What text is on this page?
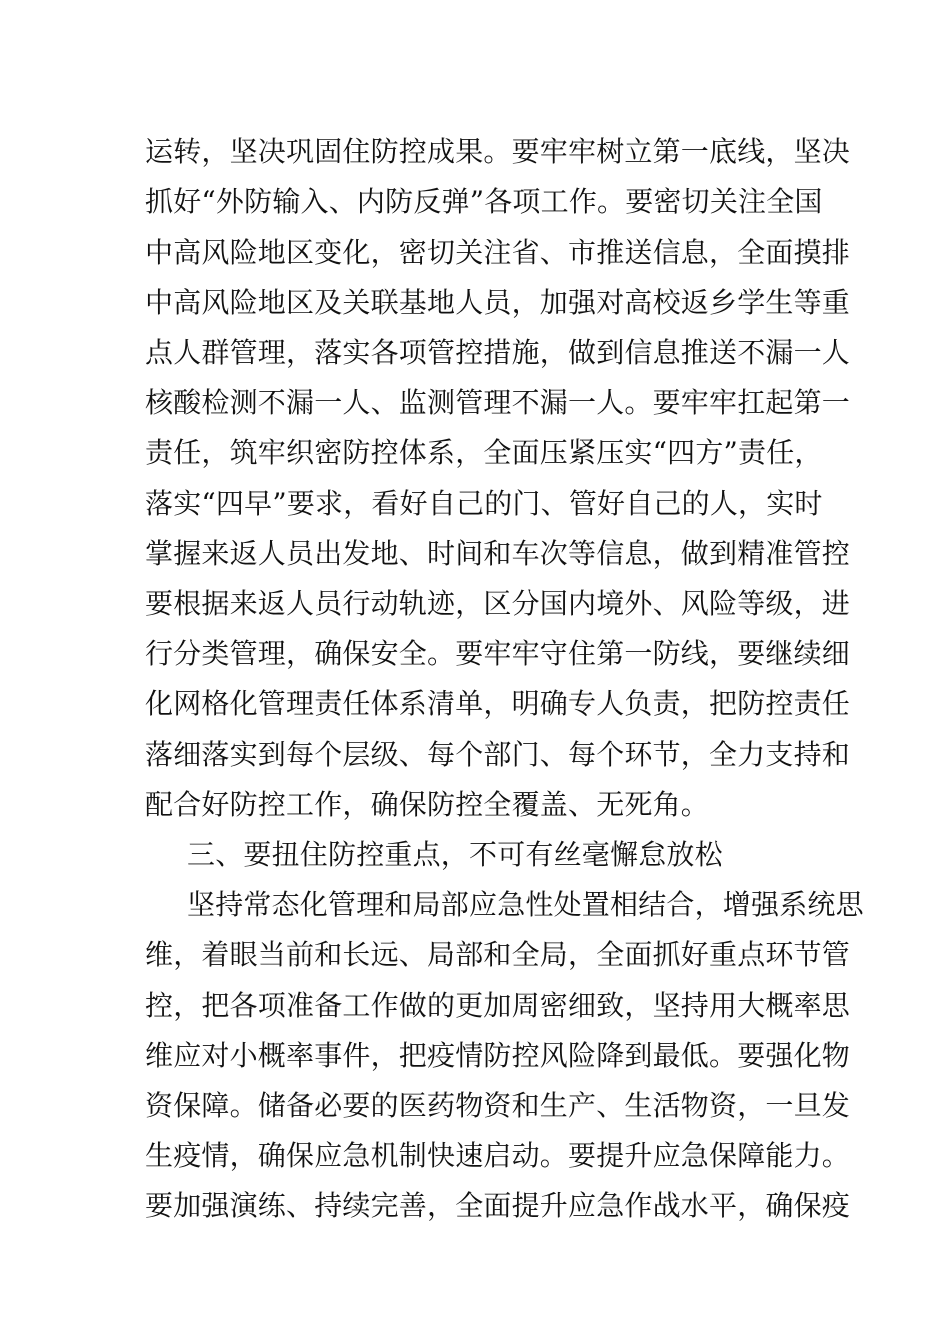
运转，坚决巩固住防控成果。要牢牢树立第一底线，坚决
抓好“外防输入、内防反弹”各项工作。要密切关注全国
中高风险地区变化，密切关注省、市推送信息，全面摸排
中高风险地区及关联基地人员，加强对高校返乡学生等重
点人群管理，落实各项管控措施，做到信息推送不漏一人
核酸检测不漏一人、监测管理不漏一人。要牢牢扛起第一
责任，筑牢织密防控体系，全面压紧压实“四方”责任，
落实“四早”要求，看好自己的门、管好自己的人，实时
掌握来返人员出发地、时间和车次等信息，做到精准管控
要根据来返人员行动轨迹，区分国内境外、风险等级，进
行分类管理，确保安全。要牢牢守住第一防线，要继续细
化网格化管理责任体系清单，明确专人负责，把防控责任
落细落实到每个层级、每个部门、每个环节，全力支持和
配合好防控工作，确保防控全覆盖、无死角。
三、要扭住防控重点，不可有丝毫懈怠放松
坚持常态化管理和局部应急性处置相结合，增强系统思
维，着眼当前和长远、局部和全局，全面抓好重点环节管
控，把各项准备工作做的更加周密细致，坚持用大概率思
维应对小概率事件，把疫情防控风险降到最低。要强化物
资保障。储备必要的医药物资和生产、生活物资，一旦发
生疫情，确保应急机制快速启动。要提升应急保障能力。
要加强演练、持续完善，全面提升应急作战水平，确保疫
